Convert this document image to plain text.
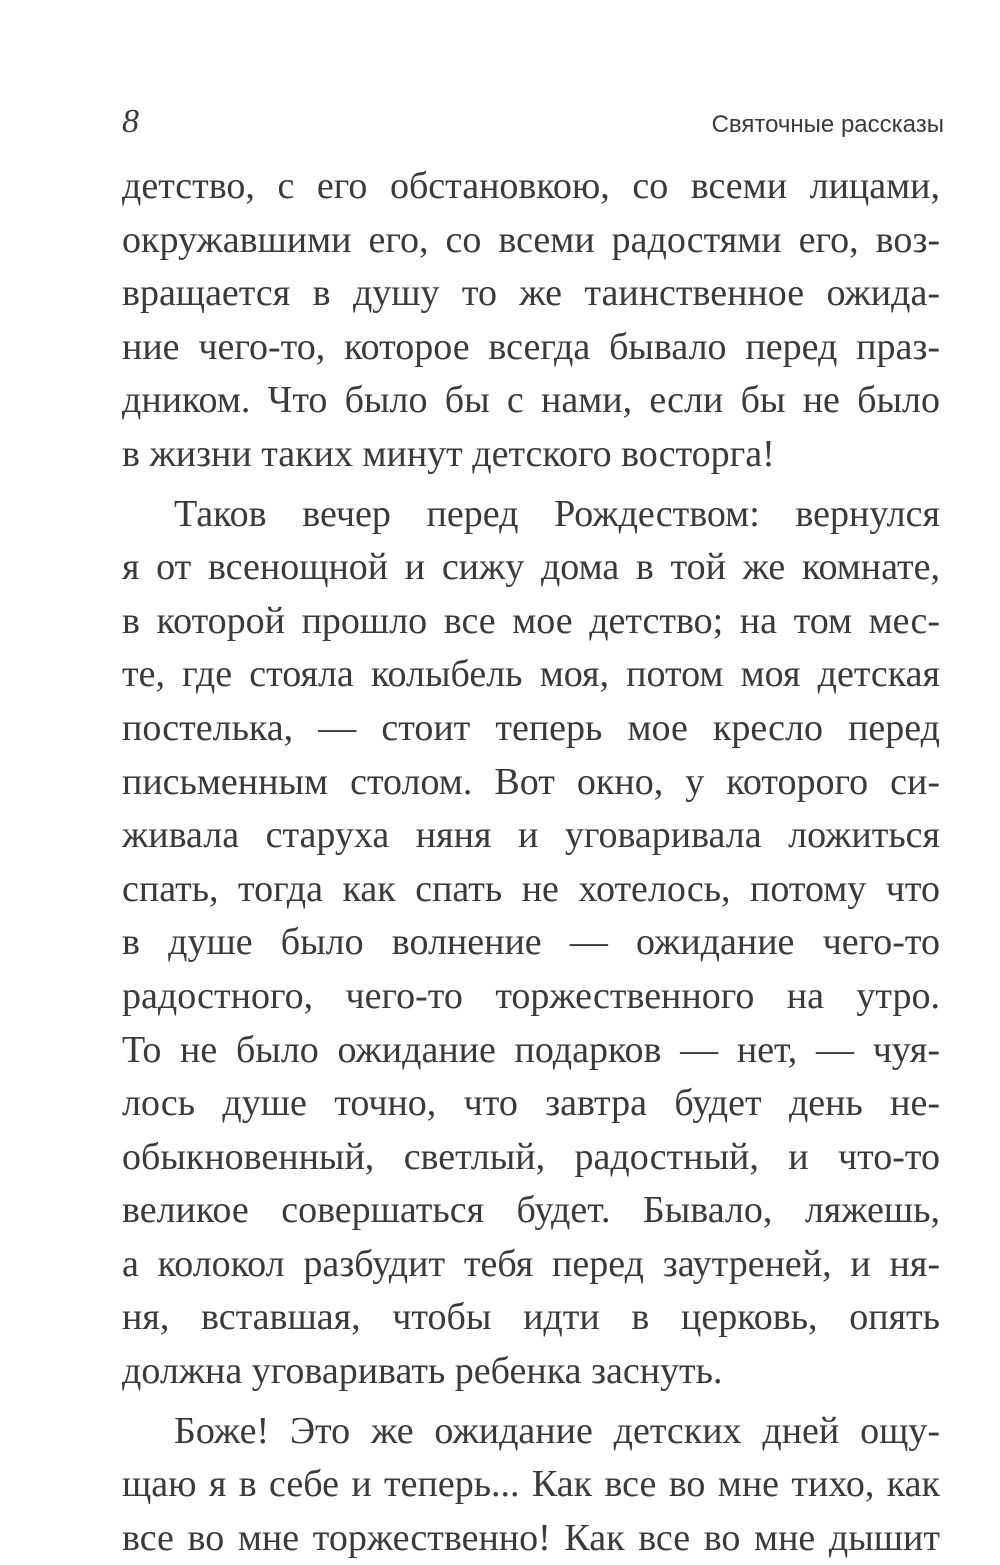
8	Святочные рассказы
детство, с его обстановкою, со всеми лицами,
окружавшими его, со всеми радостями его, воз-
вращается в душу то же таинственное ожида-
ние чего-то, которое всегда бывало перед праз-
дником. Что было бы с нами, если бы не было
в жизни таких минут детского восторга!
Таков вечер перед Рождеством: вернулся
я от всенощной и сижу дома в той же комнате,
в которой прошло все мое детство; на том мес-
те, где стояла колыбель моя, потом моя детская
постелька, — стоит теперь мое кресло перед
письменным столом. Вот окно, у которого си-
живала старуха няня и уговаривала ложиться
спать, тогда как спать не хотелось, потому что
в душе было волнение — ожидание чего-то
радостного, чего-то торжественного на утро.
То не было ожидание подарков — нет, — чуя-
лось душе точно, что завтра будет день не-
обыкновенный, светлый, радостный, и что-то
великое совершаться будет. Бывало, ляжешь,
а колокол разбудит тебя перед заутреней, и ня-
ня, вставшая, чтобы идти в церковь, опять
должна уговаривать ребенка заснуть.
Боже! Это же ожидание детских дней ощу-
щаю я в себе и теперь... Как все во мне тихо, как
все во мне торжественно! Как все во мне дышит
